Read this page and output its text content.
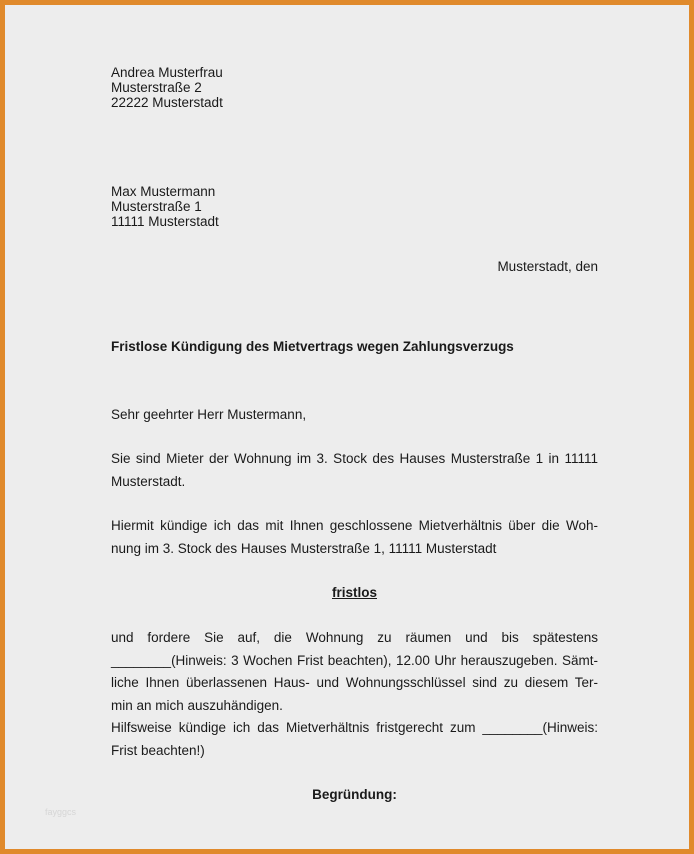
Andrea Musterfrau
Musterstraße 2
22222 Musterstadt
Max Mustermann
Musterstraße 1
11111 Musterstadt
Musterstadt, den
Fristlose Kündigung des Mietvertrags wegen Zahlungsverzugs
Sehr geehrter Herr Mustermann,
Sie sind Mieter der Wohnung im 3. Stock des Hauses Musterstraße 1 in 11111
Musterstadt.
Hiermit kündige ich das mit Ihnen geschlossene Mietverhältnis über die Woh-
nung im 3. Stock des Hauses Musterstraße 1, 11111 Musterstadt
fristlos
und fordere Sie auf, die Wohnung zu räumen und bis spätestens
________(Hinweis: 3 Wochen Frist beachten), 12.00 Uhr herauszugeben. Sämt-
liche Ihnen überlassenen Haus- und Wohnungsschlüssel sind zu diesem Ter-
min an mich auszuhändigen.
Hilfsweise kündige ich das Mietverhältnis fristgerecht zum ________(Hinweis:
Frist beachten!)
Begründung:
fayggcs
